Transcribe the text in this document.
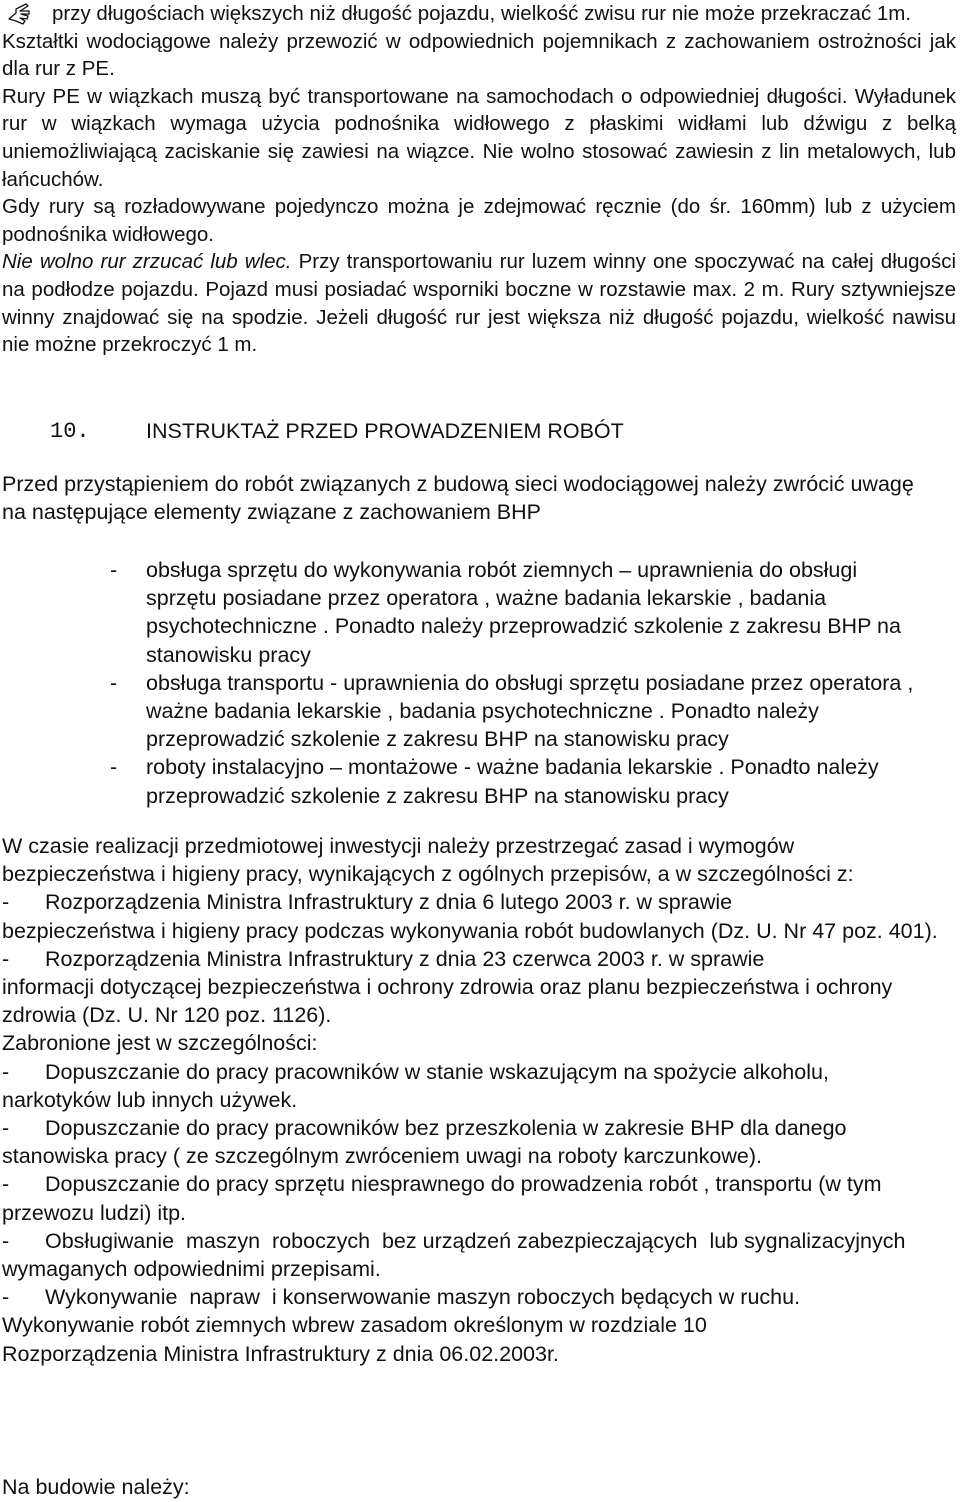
przy długościach większych niż długość pojazdu, wielkość zwisu rur nie może przekraczać 1m.

Kształtki wodociągowe należy przewozić w odpowiednich pojemnikach z zachowaniem ostrożności jak dla rur z PE.

Rury PE w wiązkach muszą być transportowane na samochodach o odpowiedniej długości. Wyładunek rur w wiązkach wymaga użycia podnośnika widłowego z płaskimi widłami lub dźwigu z belką uniemożliwiającą zaciskanie się zawiesi na wiązce. Nie wolno stosować zawiesin z lin metalowych, lub łańcuchów.

Gdy rury są rozładowywane pojedynczo można je zdejmować ręcznie (do śr. 160mm) lub z użyciem podnośnika widłowego.

Nie wolno rur zrzucać lub wlec. Przy transportowaniu rur luzem winny one spoczywać na całej długości na podłodze pojazdu. Pojazd musi posiadać wsporniki boczne w rozstawie max. 2 m. Rury sztywniejsze winny znajdować się na spodzie. Jeżeli długość rur jest większa niż długość pojazdu, wielkość nawisu nie możne przekroczyć 1 m.

10.	INSTRUKTAŻ PRZED PROWADZENIEM ROBÓT

Przed przystąpieniem do robót związanych z budową sieci wodociągowej należy zwrócić uwagę na następujące elementy związane z zachowaniem BHP

- obsługa sprzętu do wykonywania robót ziemnych – uprawnienia do obsługi sprzętu posiadane przez operatora , ważne badania lekarskie , badania psychotechniczne . Ponadto należy przeprowadzić szkolenie z zakresu BHP na stanowisku pracy
- obsługa transportu - uprawnienia do obsługi sprzętu posiadane przez operatora , ważne badania lekarskie , badania psychotechniczne . Ponadto należy przeprowadzić szkolenie z zakresu BHP na stanowisku pracy
- roboty instalacyjno – montażowe - ważne badania lekarskie . Ponadto należy przeprowadzić szkolenie z zakresu BHP na stanowisku pracy

W czasie realizacji przedmiotowej inwestycji należy przestrzegać zasad i wymogów bezpieczeństwa i higieny pracy, wynikających z ogólnych przepisów, a w szczególności z:

-      Rozporządzenia Ministra Infrastruktury z dnia 6 lutego 2003 r. w sprawie

bezpieczeństwa i higieny pracy podczas wykonywania robót budowlanych (Dz. U. Nr 47 poz. 401).

-      Rozporządzenia Ministra Infrastruktury z dnia 23 czerwca 2003 r. w sprawie

informacji dotyczącej bezpieczeństwa i ochrony zdrowia oraz planu bezpieczeństwa i ochrony

zdrowia (Dz. U. Nr 120 poz. 1126).

Zabronione jest w szczególności:

-      Dopuszczanie do pracy pracowników w stanie wskazującym na spożycie alkoholu, narkotyków lub innych używek.

-      Dopuszczanie do pracy pracowników bez przeszkolenia w zakresie BHP dla danego stanowiska pracy ( ze szczególnym zwróceniem uwagi na roboty karczunkowe).

-      Dopuszczanie do pracy sprzętu niesprawnego do prowadzenia robót , transportu (w tym przewozu ludzi) itp.

-      Obsługiwanie  maszyn  roboczych  bez urządzeń zabezpieczających  lub sygnalizacyjnych wymaganych odpowiednimi przepisami.

-      Wykonywanie  napraw  i konserwowanie maszyn roboczych będących w ruchu.

Wykonywanie robót ziemnych wbrew zasadom określonym w rozdziale 10

Rozporządzenia Ministra Infrastruktury z dnia 06.02.2003r.

Na budowie należy:
